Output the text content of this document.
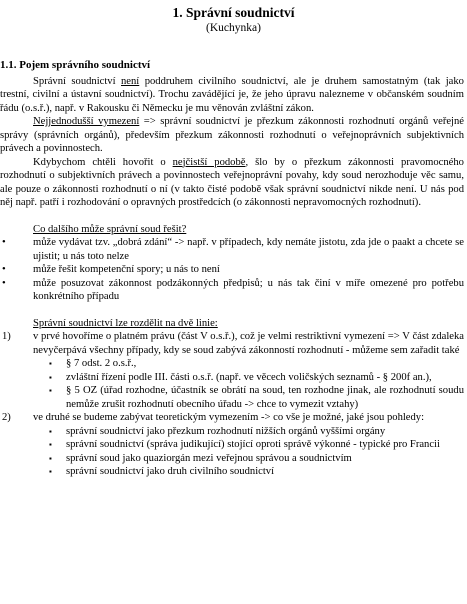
1. Správní soudnictví
(Kuchynka)
1.1. Pojem správního soudnictví

Správní soudnictví není poddruhem civilního soudnictví, ale je druhem samostatným (tak jako trestní, civilní a ústavní soudnictví). Trochu zavádějící je, že jeho úpravu nalezneme v občanském soudním řádu (o.s.ř.), např. v Rakousku či Německu je mu věnován zvláštní zákon.

Nejjednodušší vymezení => správní soudnictví je přezkum zákonnosti rozhodnutí orgánů veřejné správy (správních orgánů), především přezkum zákonnosti rozhodnutí o veřejnoprávních subjektivních právech a povinnostech.

Kdybychom chtěli hovořit o nejčistší podobě, šlo by o přezkum zákonnosti pravomocného rozhodnutí o subjektivních právech a povinnostech veřejnoprávní povahy, kdy soud nerozhoduje věc samu, ale pouze o zákonnosti rozhodnutí o ní (v takto čisté podobě však správní soudnictví nikde není. U nás pod něj např. patří i rozhodování o opravných prostředcích (o zákonnosti nepravomocných rozhodnutí).

Co dalšího může správní soud řešit?
•	může vydávat tzv. „dobrá zdání“ -> např. v případech, kdy nemáte jistotu, zda jde o paakt a chcete se ujistit; u nás toto nelze
•	může řešit kompetenční spory; u nás to není
•	může posuzovat zákonnost podzákonných předpisů; u nás tak činí v míře omezené pro potřebu konkrétního případu
Správní soudnictví lze rozdělit na dvě linie:
1) v prvé hovoříme o platném právu (část V o.s.ř.), což je velmi restriktivní vymezení => V část zdaleka nevyčerpává všechny případy, kdy se soud zabývá zákonností rozhodnutí - můžeme sem zařadit také
▪ § 7 odst. 2 o.s.ř.,
▪ zvláštní řízení podle III. části o.s.ř. (např. ve věcech voličských seznamů - § 200f an.),
▪ § 5 OZ (úřad rozhodne, účastník se obrátí na soud, ten rozhodne jinak, ale rozhodnutí soudu nemůže zrušit rozhodnutí obecního úřadu -> chce to vymezit vztahy)
2) ve druhé se budeme zabývat teoretickým vymezením -> co vše je možné, jaké jsou pohledy:
▪ správní soudnictví jako přezkum rozhodnutí nižších orgánů vyššími orgány
▪ správní soudnictví (správa judikující) stojící oproti správě výkonné - typické pro Francii
▪ správní soud jako quaziorgán mezi veřejnou správou a soudnictvím
▪ správní soudnictví jako druh civilního soudnictví
